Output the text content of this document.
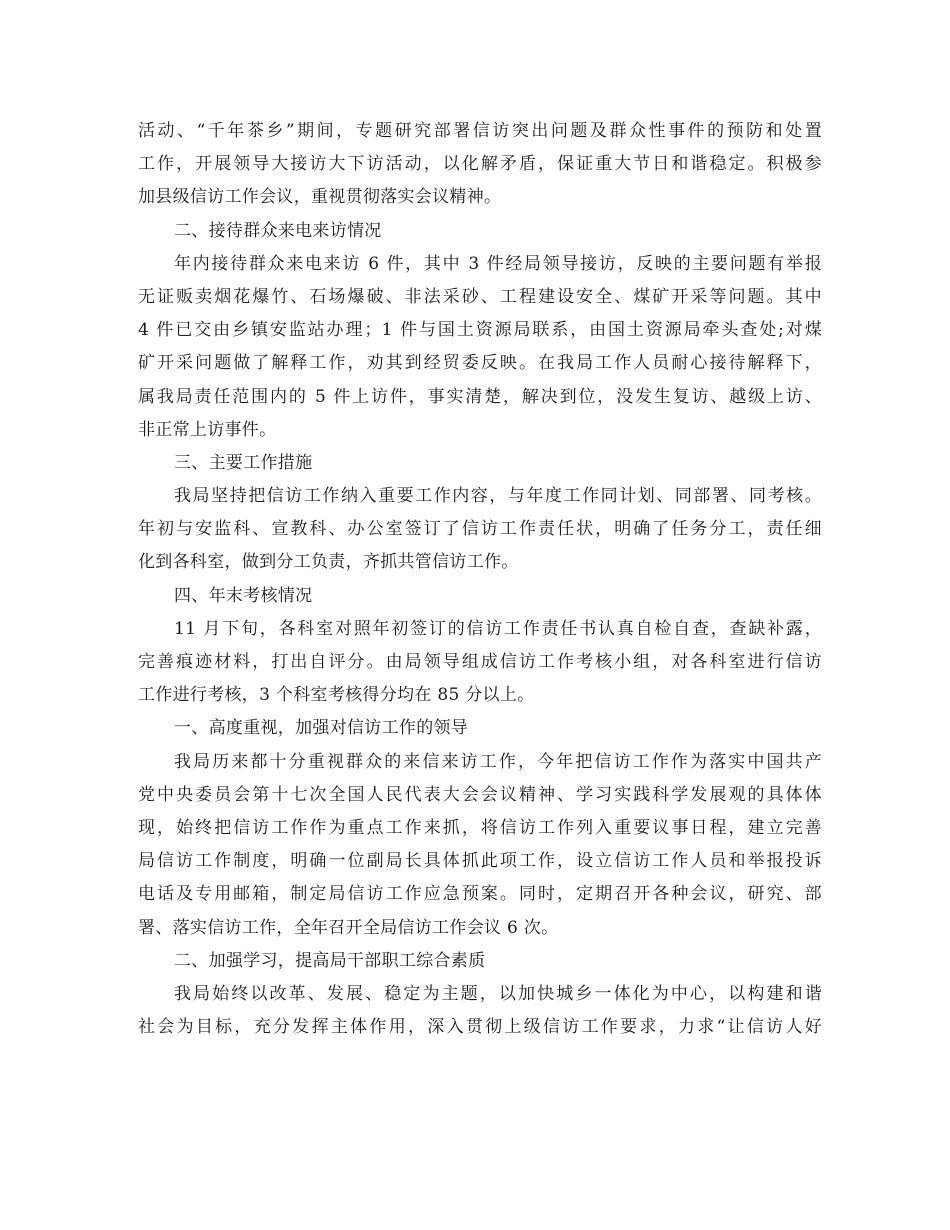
活动、“千年茶乡”期间，专题研究部署信访突出问题及群众性事件的预防和处置
工作，开展领导大接访大下访活动，以化解矛盾，保证重大节日和谐稳定。积极参
加县级信访工作会议，重视贯彻落实会议精神。
二、接待群众来电来访情况
年内接待群众来电来访 6 件，其中 3 件经局领导接访，反映的主要问题有举报
无证贩卖烟花爆竹、石场爆破、非法采砂、工程建设安全、煤矿开采等问题。其中
4 件已交由乡镇安监站办理；1 件与国土资源局联系，由国土资源局牵头查处;对煤
矿开采问题做了解释工作，劝其到经贸委反映。在我局工作人员耐心接待解释下，
属我局责任范围内的 5 件上访件，事实清楚，解决到位，没发生复访、越级上访、
非正常上访事件。
三、主要工作措施
我局坚持把信访工作纳入重要工作内容，与年度工作同计划、同部署、同考核。
年初与安监科、宣教科、办公室签订了信访工作责任状，明确了任务分工，责任细
化到各科室，做到分工负责，齐抓共管信访工作。
四、年末考核情况
11 月下旬，各科室对照年初签订的信访工作责任书认真自检自查，查缺补露，
完善痕迹材料，打出自评分。由局领导组成信访工作考核小组，对各科室进行信访
工作进行考核，3 个科室考核得分均在 85 分以上。
一、高度重视，加强对信访工作的领导
我局历来都十分重视群众的来信来访工作，今年把信访工作作为落实中国共产
党中央委员会第十七次全国人民代表大会会议精神、学习实践科学发展观的具体体
现，始终把信访工作作为重点工作来抓，将信访工作列入重要议事日程，建立完善
局信访工作制度，明确一位副局长具体抓此项工作，设立信访工作人员和举报投诉
电话及专用邮箱，制定局信访工作应急预案。同时，定期召开各种会议，研究、部
署、落实信访工作，全年召开全局信访工作会议 6 次。
二、加强学习，提高局干部职工综合素质
我局始终以改革、发展、稳定为主题，以加快城乡一体化为中心，以构建和谐
社会为目标，充分发挥主体作用，深入贯彻上级信访工作要求，力求“让信访人好
